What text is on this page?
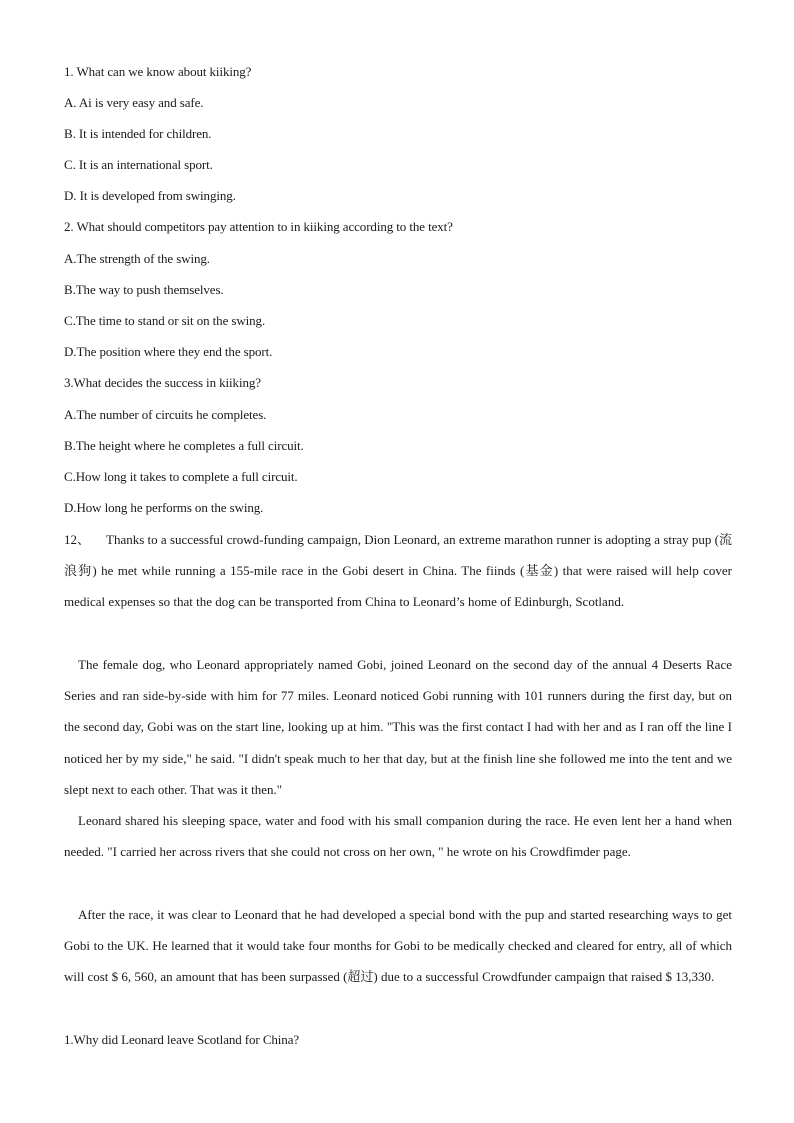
1. What can we know about kiiking?
A. Ai is very easy and safe.
B. It is intended for children.
C. It is an international sport.
D. It is developed from swinging.
2. What should competitors pay attention to in kiiking according to the text?
A.The strength of the swing.
B.The way to push themselves.
C.The time to stand or sit on the swing.
D.The position where they end the sport.
3.What decides the success in kiiking?
A.The number of circuits he completes.
B.The height where he completes a full circuit.
C.How long it takes to complete a full circuit.
D.How long he performs on the swing.
12、 Thanks to a successful crowd-funding campaign, Dion Leonard, an extreme marathon runner is adopting a stray pup (流浪狗) he met while running a 155-mile race in the Gobi desert in China. The fiinds (基金) that were raised will help cover medical expenses so that the dog can be transported from China to Leonard’s home of Edinburgh, Scotland.
The female dog, who Leonard appropriately named Gobi, joined Leonard on the second day of the annual 4 Deserts Race Series and ran side-by-side with him for 77 miles. Leonard noticed Gobi running with 101 runners during the first day, but on the second day, Gobi was on the start line, looking up at him. "This was the first contact I had with her and as I ran off the line I noticed her by my side," he said. "I didn't speak much to her that day, but at the finish line she followed me into the tent and we slept next to each other. That was it then."
Leonard shared his sleeping space, water and food with his small companion during the race. He even lent her a hand when needed. "I carried her across rivers that she could not cross on her own, " he wrote on his Crowdfimder page.
After the race, it was clear to Leonard that he had developed a special bond with the pup and started researching ways to get Gobi to the UK. He learned that it would take four months for Gobi to be medically checked and cleared for entry, all of which will cost $ 6, 560, an amount that has been surpassed (超过) due to a successful Crowdfunder campaign that raised $ 13,330.
1.Why did Leonard leave Scotland for China?
